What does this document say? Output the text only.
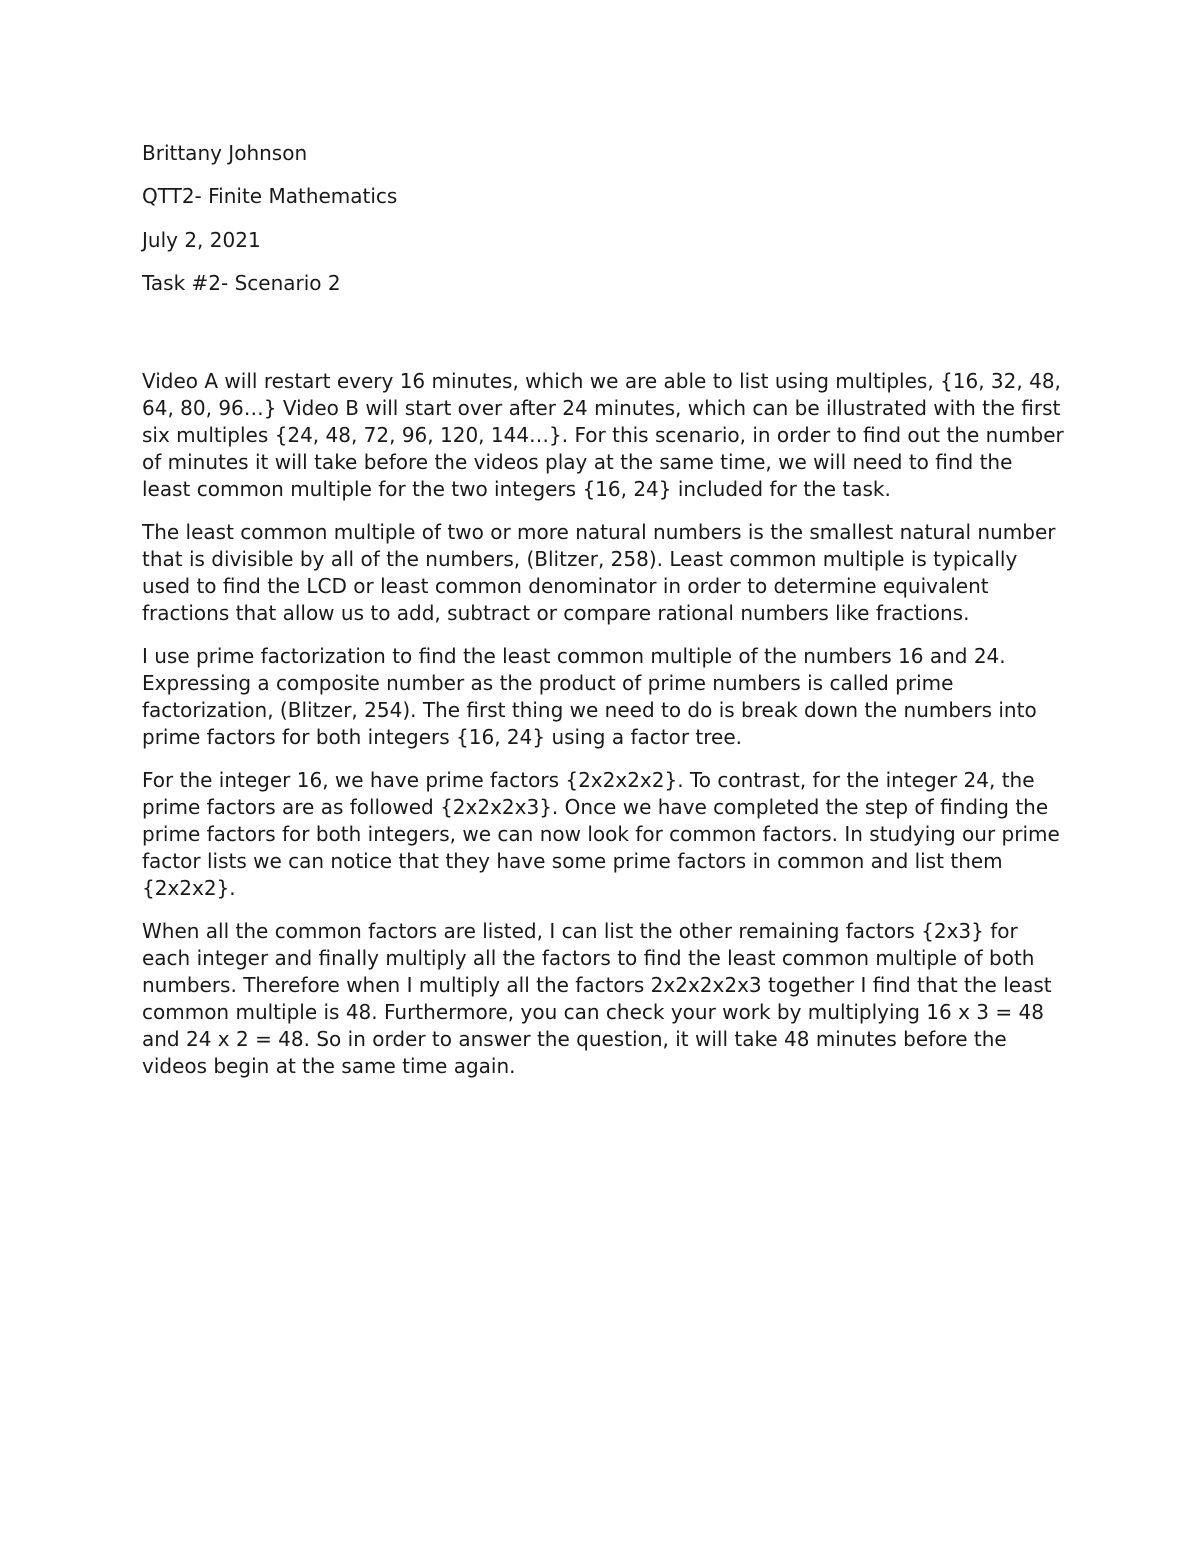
Brittany Johnson

QTT2- Finite Mathematics

July 2, 2021

Task #2- Scenario 2

Video A will restart every 16 minutes, which we are able to list using multiples, {16, 32, 48, 64, 80, 96…} Video B will start over after 24 minutes, which can be illustrated with the first six multiples {24, 48, 72, 96, 120, 144…}. For this scenario, in order to find out the number of minutes it will take before the videos play at the same time, we will need to find the least common multiple for the two integers {16, 24} included for the task.

The least common multiple of two or more natural numbers is the smallest natural number that is divisible by all of the numbers, (Blitzer, 258). Least common multiple is typically used to find the LCD or least common denominator in order to determine equivalent fractions that allow us to add, subtract or compare rational numbers like fractions.

I use prime factorization to find the least common multiple of the numbers 16 and 24. Expressing a composite number as the product of prime numbers is called prime factorization, (Blitzer, 254). The first thing we need to do is break down the numbers into prime factors for both integers {16, 24} using a factor tree.

For the integer 16, we have prime factors {2x2x2x2}. To contrast, for the integer 24, the prime factors are as followed {2x2x2x3}. Once we have completed the step of finding the prime factors for both integers, we can now look for common factors. In studying our prime factor lists we can notice that they have some prime factors in common and list them {2x2x2}.

When all the common factors are listed, I can list the other remaining factors {2x3} for each integer and finally multiply all the factors to find the least common multiple of both numbers. Therefore when I multiply all the factors 2x2x2x2x3 together I find that the least common multiple is 48. Furthermore, you can check your work by multiplying 16 x 3 = 48 and 24 x 2 = 48. So in order to answer the question, it will take 48 minutes before the videos begin at the same time again.
